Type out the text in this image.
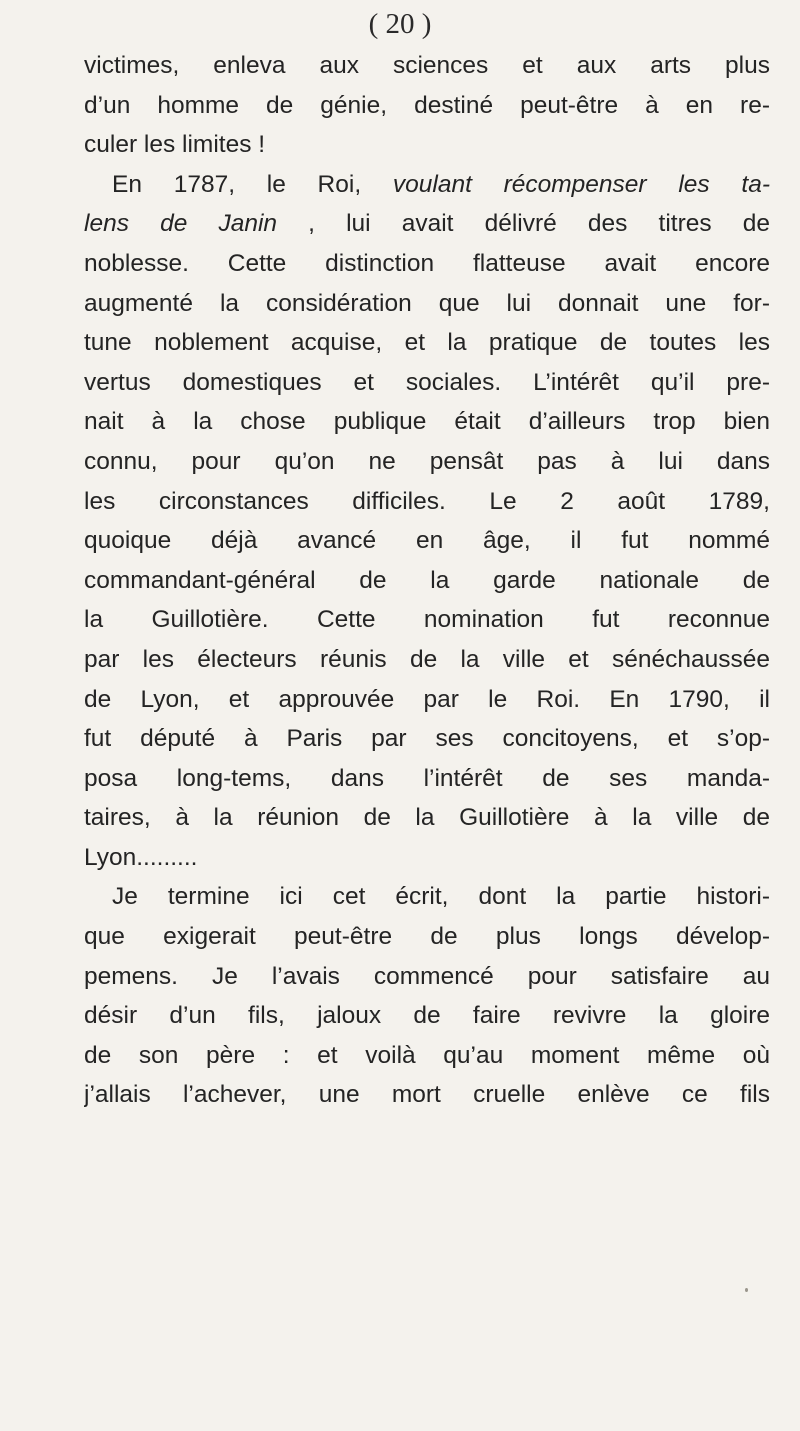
( 20 )
victimes, enleva aux sciences et aux arts plus
d’un homme de génie, destiné peut-être à en re-
culer les limites !
En 1787, le Roi, voulant récompenser les ta-
lens de Janin , lui avait délivré des titres de
noblesse. Cette distinction flatteuse avait encore
augmenté la considération que lui donnait une for-
tune noblement acquise, et la pratique de toutes les
vertus domestiques et sociales. L’intérêt qu’il pre-
nait à la chose publique était d’ailleurs trop bien
connu, pour qu’on ne pensât pas à lui dans
les circonstances difficiles. Le 2 août 1789,
quoique déjà avancé en âge, il fut nommé
commandant-général de la garde nationale de
la Guillotière. Cette nomination fut reconnue
par les électeurs réunis de la ville et sénéchaussée
de Lyon, et approuvée par le Roi. En 1790, il
fut député à Paris par ses concitoyens, et s’op-
posa long-tems, dans l’intérêt de ses manda-
taires, à la réunion de la Guillotière à la ville de
Lyon.........
Je termine ici cet écrit, dont la partie histori-
que exigerait peut-être de plus longs dévelop-
pemens. Je l’avais commencé pour satisfaire au
désir d’un fils, jaloux de faire revivre la gloire
de son père : et voilà qu’au moment même où
j’allais l’achever, une mort cruelle enlève ce fils
